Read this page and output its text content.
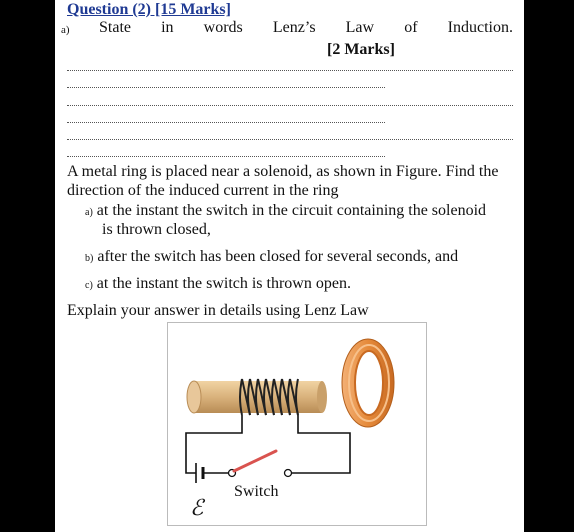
Question (2) [15 Marks]
a) State in words Lenz’s Law of Induction.
[2 Marks]
A metal ring is placed near a solenoid, as shown in Figure. Find the direction of the induced current in the ring
a) at the instant the switch in the circuit containing the solenoid
is thrown closed,
b) after the switch has been closed for several seconds, and
c) at the instant the switch is thrown open.
Explain your answer in details using Lenz Law
Switch
ℰ
